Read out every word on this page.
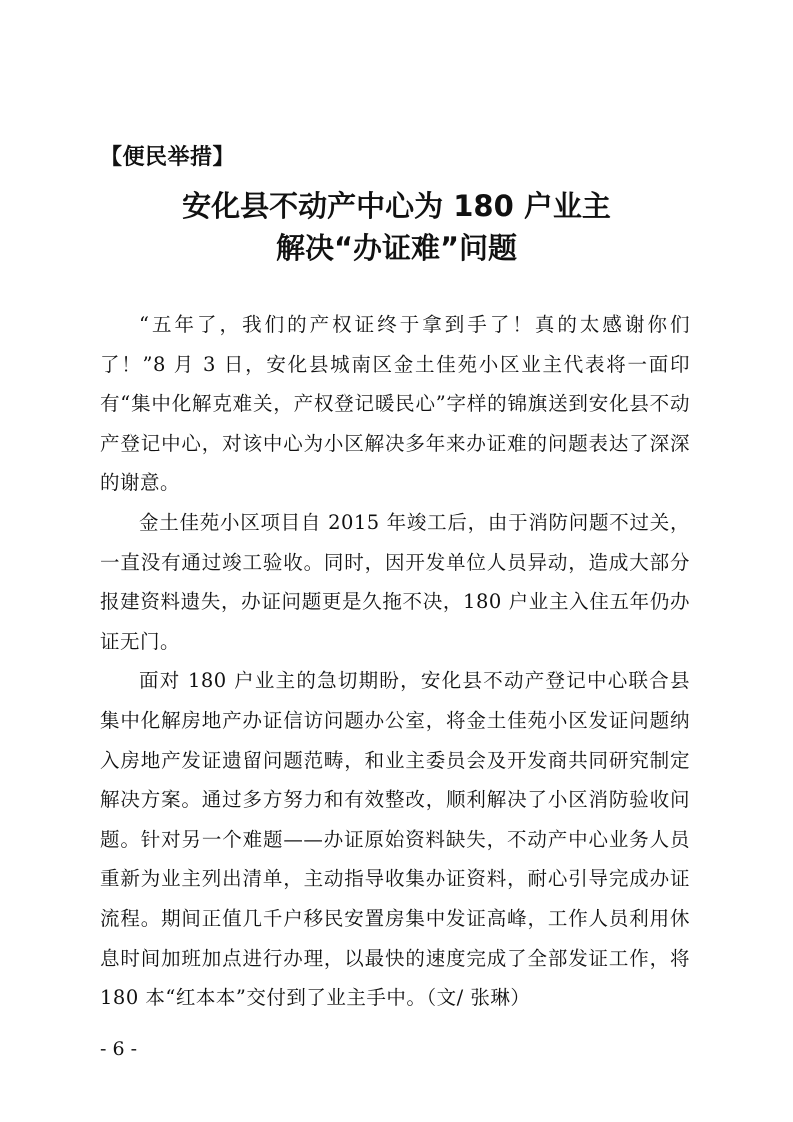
【便民举措】
安化县不动产中心为 180 户业主
解决“办证难”问题

“五年了，我们的产权证终于拿到手了！真的太感谢你们了！”8 月 3 日，安化县城南区金土佳苑小区业主代表将一面印有“集中化解克难关，产权登记暖民心”字样的锦旗送到安化县不动产登记中心，对该中心为小区解决多年来办证难的问题表达了深深的谢意。

金土佳苑小区项目自 2015 年竣工后，由于消防问题不过关，一直没有通过竣工验收。同时，因开发单位人员异动，造成大部分报建资料遗失，办证问题更是久拖不决，180 户业主入住五年仍办证无门。

面对 180 户业主的急切期盼，安化县不动产登记中心联合县集中化解房地产办证信访问题办公室，将金土佳苑小区发证问题纳入房地产发证遗留问题范畴，和业主委员会及开发商共同研究制定解决方案。通过多方努力和有效整改，顺利解决了小区消防验收问题。针对另一个难题——办证原始资料缺失，不动产中心业务人员重新为业主列出清单，主动指导收集办证资料，耐心引导完成办证流程。期间正值几千户移民安置房集中发证高峰，工作人员利用休息时间加班加点进行办理，以最快的速度完成了全部发证工作，将 180 本“红本本”交付到了业主手中。（文/ 张琳）

- 6 -
